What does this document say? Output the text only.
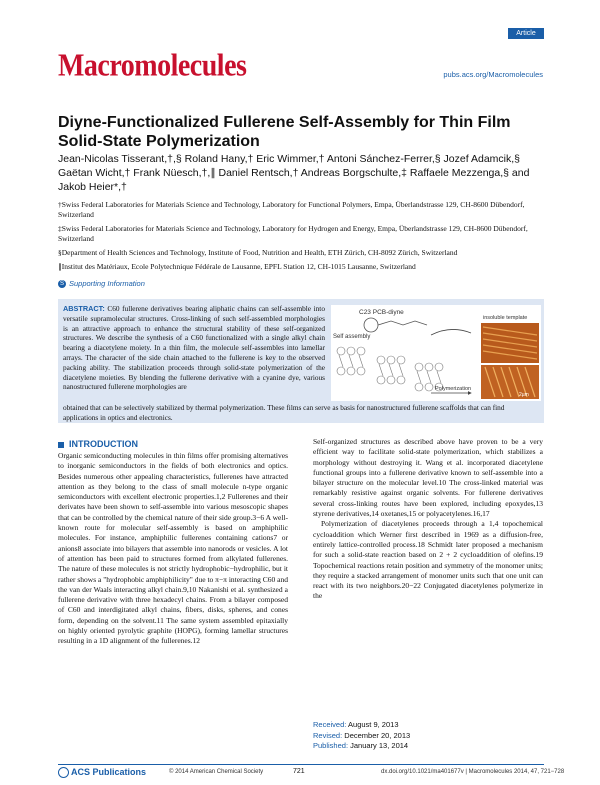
Macromolecules
Article
pubs.acs.org/Macromolecules
Diyne-Functionalized Fullerene Self-Assembly for Thin Film Solid-State Polymerization
Jean-Nicolas Tisserant,†,§ Roland Hany,† Eric Wimmer,† Antoni Sánchez-Ferrer,§ Jozef Adamcik,§ Gaëtan Wicht,† Frank Nüesch,†,∥ Daniel Rentsch,† Andreas Borgschulte,‡ Raffaele Mezzenga,§ and Jakob Heier*,†
†Swiss Federal Laboratories for Materials Science and Technology, Laboratory for Functional Polymers, Empa, Überlandstrasse 129, CH-8600 Dübendorf, Switzerland
‡Swiss Federal Laboratories for Materials Science and Technology, Laboratory for Hydrogen and Energy, Empa, Überlandstrasse 129, CH-8600 Dübendorf, Switzerland
§Department of Health Sciences and Technology, Institute of Food, Nutrition and Health, ETH Zürich, CH-8092 Zürich, Switzerland
∥Institut des Matériaux, Ecole Polytechnique Fédérale de Lausanne, EPFL Station 12, CH-1015 Lausanne, Switzerland
S Supporting Information
ABSTRACT: C60 fullerene derivatives bearing aliphatic chains can self-assemble into versatile supramolecular structures. Cross-linking of such self-assembled morphologies is an attractive approach to enhance the structural stability of these self-organized structures. We describe the synthesis of a C60 functionalized with a single alkyl chain bearing a diacetylene moiety. In a thin film, the molecule self-assembles into lamellar arrays. The character of the side chain attached to the fullerene is key to the observed packing ability. The stabilization proceeds through solid-state polymerization of the diacetylene moieties. By blending the fullerene derivative with a cyanine dye, various nanostructured fullerene morphologies are
obtained that can be selectively stabilized by thermal polymerization. These films can serve as basis for nanostructured fullerene scaffolds that can find applications in optics and electronics.
C23 PCB-diyne
Self assembly
Polymerization
insoluble template
2µm
INTRODUCTION
Organic semiconducting molecules in thin films offer promising alternatives to inorganic semiconductors in the fields of both electronics and optics. Besides numerous other appealing characteristics, fullerenes have attracted attention as they belong to the class of small molecule n-type organic semiconductors with excellent electronic properties.1,2 Fullerenes and their derivates have been shown to self-assemble into various mesoscopic shapes that can be controlled by the chemical nature of their side group.3−6 A well-known route for molecular self-assembly is based on amphiphilic molecules. For instance, amphiphilic fullerenes containing cations7 or anions8 associate into bilayers that assemble into nanorods or vesicles. A lot of attention has been paid to structures formed from alkylated fullerenes. The nature of these molecules is not strictly hydrophobic−hydrophilic, but it rather shows a "hydrophobic amphiphilicity" due to π−π interacting C60 and the van der Waals interacting alkyl chain.9,10 Nakanishi et al. synthesized a fullerene derivative with three hexadecyl chains. From a bilayer composed of C60 and interdigitated alkyl chains, fibers, disks, spheres, and cones form, depending on the solvent.11 The same system assembled epitaxially on highly oriented pyrolytic graphite (HOPG), forming lamellar structures resulting in a 1D alignment of the fullerenes.12
Self-organized structures as described above have proven to be a very efficient way to facilitate solid-state polymerization, which stabilizes a morphology without destroying it. Wang et al. incorporated diacetylene functional groups into a fullerene derivative known to self-assemble into a bilayer structure on the molecular level.10 The cross-linked material was remarkably resistive against organic solvents. For fullerene derivatives several cross-linking routes have been explored, including epoxydes,13 styrene derivatives,14 oxetanes,15 or polyacetylenes.16,17
Polymerization of diacetylenes proceeds through a 1,4 topochemical cycloaddition which Werner first described in 1969 as a diffusion-free, entirely lattice-controlled process.18 Schmidt later proposed a mechanism for such a solid-state reaction based on 2 + 2 cycloaddition of olefins.19 Topochemical reactions retain position and symmetry of the monomer units; they require a stacked arrangement of monomer units such that one unit can react with its two neighbors.20−22 Conjugated diacetylenes polymerize in the
Received: August 9, 2013
Revised: December 20, 2013
Published: January 13, 2014
ACS Publications	© 2014 American Chemical Society	721	dx.doi.org/10.1021/ma401677v | Macromolecules 2014, 47, 721−728
